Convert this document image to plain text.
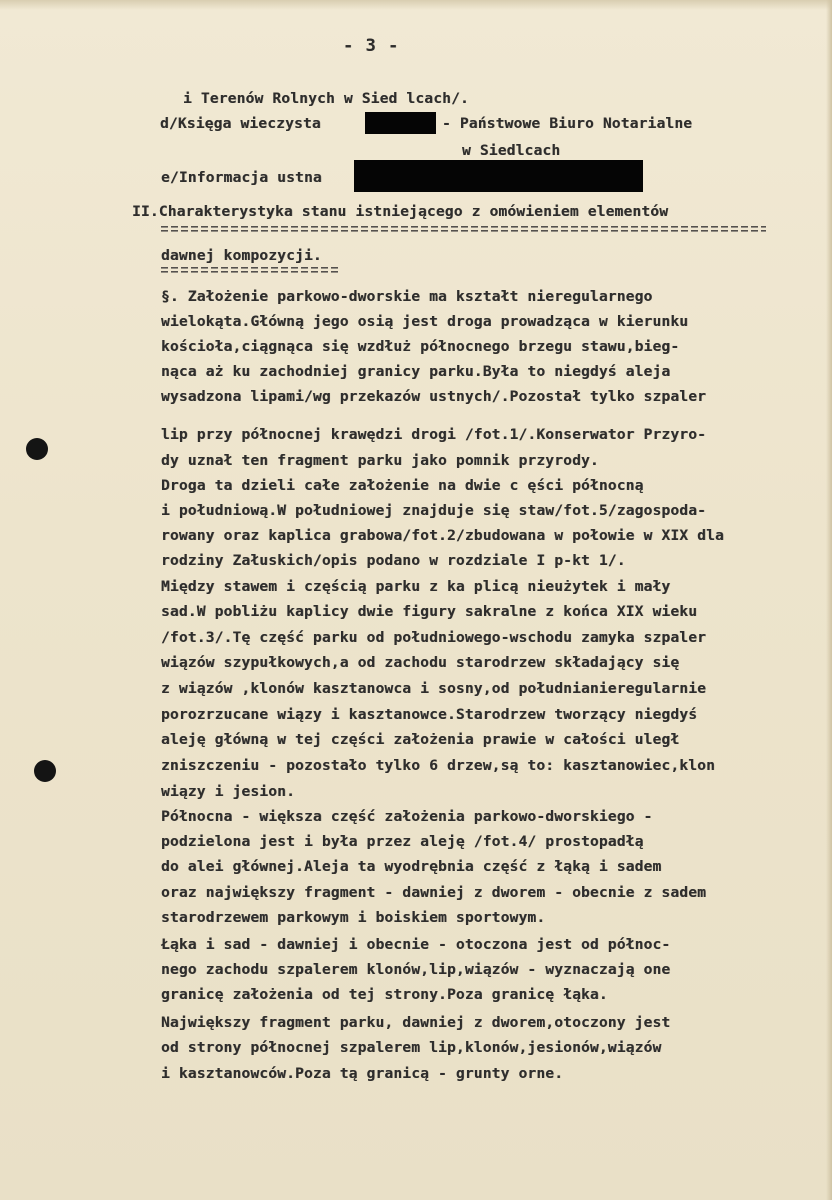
- 3 -
i Terenów Rolnych w Sied lcach/.
d/Księga wieczysta	- Państwowe Biuro Notarialne
w Siedlcach
e/Informacja ustna
II.Charakterystyka stanu istniejącego z omówieniem elementów
dawnej kompozycji.
§. Założenie parkowo-dworskie ma kształt nieregularnego
wielokąta.Główną jego osią jest droga prowadząca w kierunku
kościoła,ciągnąca się wzdłuż północnego brzegu stawu,bieg-
nąca aż ku zachodniej granicy parku.Była to niegdyś aleja
wysadzona lipami/wg przekazów ustnych/.Pozostał tylko szpaler
lip przy północnej krawędzi drogi /fot.1/.Konserwator Przyro-
dy uznał ten fragment parku jako pomnik przyrody.
Droga ta dzieli całe założenie na dwie c ęści północną
i południową.W południowej znajduje się staw/fot.5/zagospoda-
rowany oraz kaplica grabowa/fot.2/zbudowana w połowie w XIX dla
rodziny Załuskich/opis podano w rozdziale I p-kt 1/.
Między stawem i częścią parku z ka plicą nieużytek i mały
sad.W pobliżu kaplicy dwie figury sakralne z końca XIX wieku
/fot.3/.Tę część parku od południowego-wschodu zamyka szpaler
wiązów szypułkowych,a od zachodu starodrzew składający się
z wiązów ,klonów kasztanowca i sosny,od południanieregularnie
porozrzucane wiązy i kasztanowce.Starodrzew tworzący niegdyś
aleję główną w tej części założenia prawie w całości uległ
zniszczeniu - pozostało tylko 6 drzew,są to: kasztanowiec,klon
wiązy i jesion.
Północna - większa część założenia parkowo-dworskiego -
podzielona jest i była przez aleję /fot.4/ prostopadłą
do alei głównej.Aleja ta wyodrębnia część z łąką i sadem
oraz największy fragment - dawniej z dworem - obecnie z sadem
starodrzewem parkowym i boiskiem sportowym.
Łąka i sad - dawniej i obecnie - otoczona jest od północ-
nego zachodu szpalerem klonów,lip,wiązów - wyznaczają one
granicę założenia od tej strony.Poza granicę łąka.
Największy fragment parku, dawniej z dworem,otoczony jest
od strony północnej szpalerem lip,klonów,jesionów,wiązów
i kasztanowców.Poza tą granicą - grunty orne.
